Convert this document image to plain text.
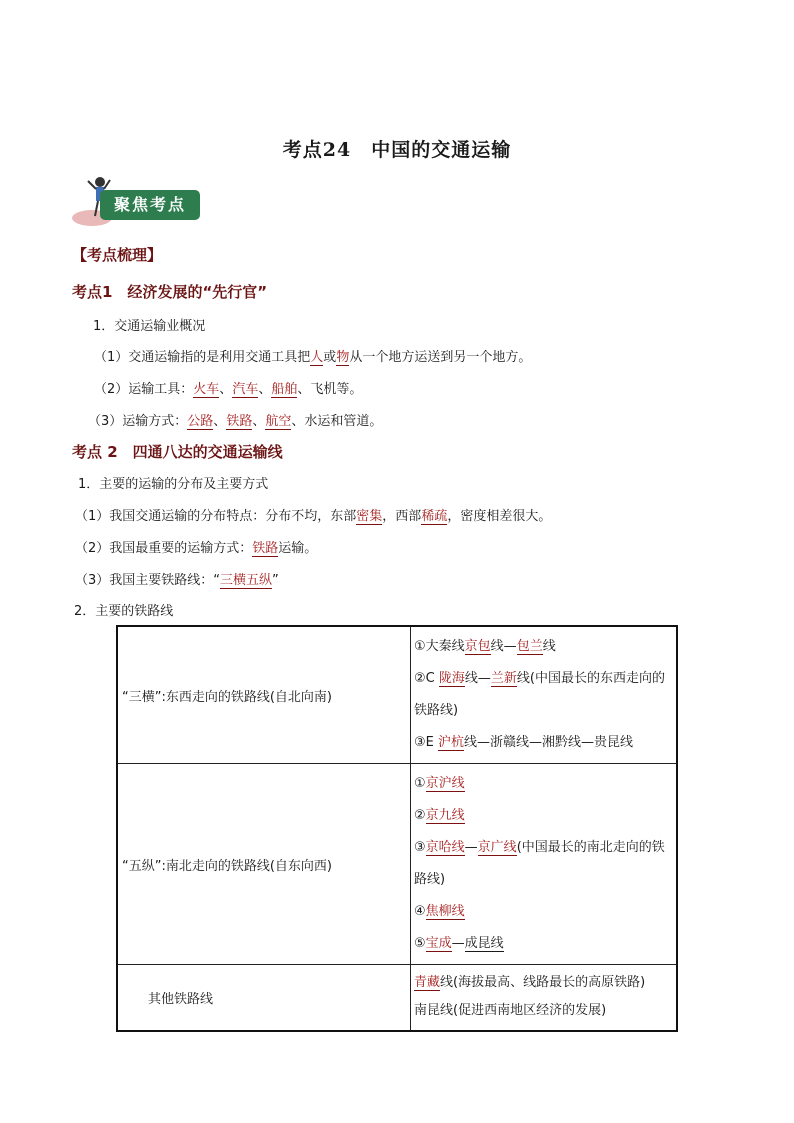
考点24　中国的交通运输
聚焦考点
【考点梳理】
考点1　经济发展的“先行官”
1．交通运输业概况
（1）交通运输指的是利用交通工具把人或物从一个地方运送到另一个地方。
（2）运输工具：火车、汽车、船舶、飞机等。
（3）运输方式：公路、铁路、航空、水运和管道。
考点 2　四通八达的交通运输线
1．主要的运输的分布及主要方式
（1）我国交通运输的分布特点：分布不均，东部密集，西部稀疏，密度相差很大。
（2）我国最重要的运输方式：铁路运输。
（3）我国主要铁路线：“三横五纵”
2．主要的铁路线
“三横”:东西走向的铁路线(自北向南)	①大秦线京包线—包兰线
②C 陇海线—兰新线(中国最长的东西走向的铁路线)
③E 沪杭线—浙赣线—湘黔线—贵昆线

“五纵”:南北走向的铁路线(自东向西)	①京沪线
②京九线
③京哈线—京广线(中国最长的南北走向的铁路线)
④焦柳线
⑤宝成—成昆线

其他铁路线	青藏线(海拔最高、线路最长的高原铁路)
南昆线(促进西南地区经济的发展)
